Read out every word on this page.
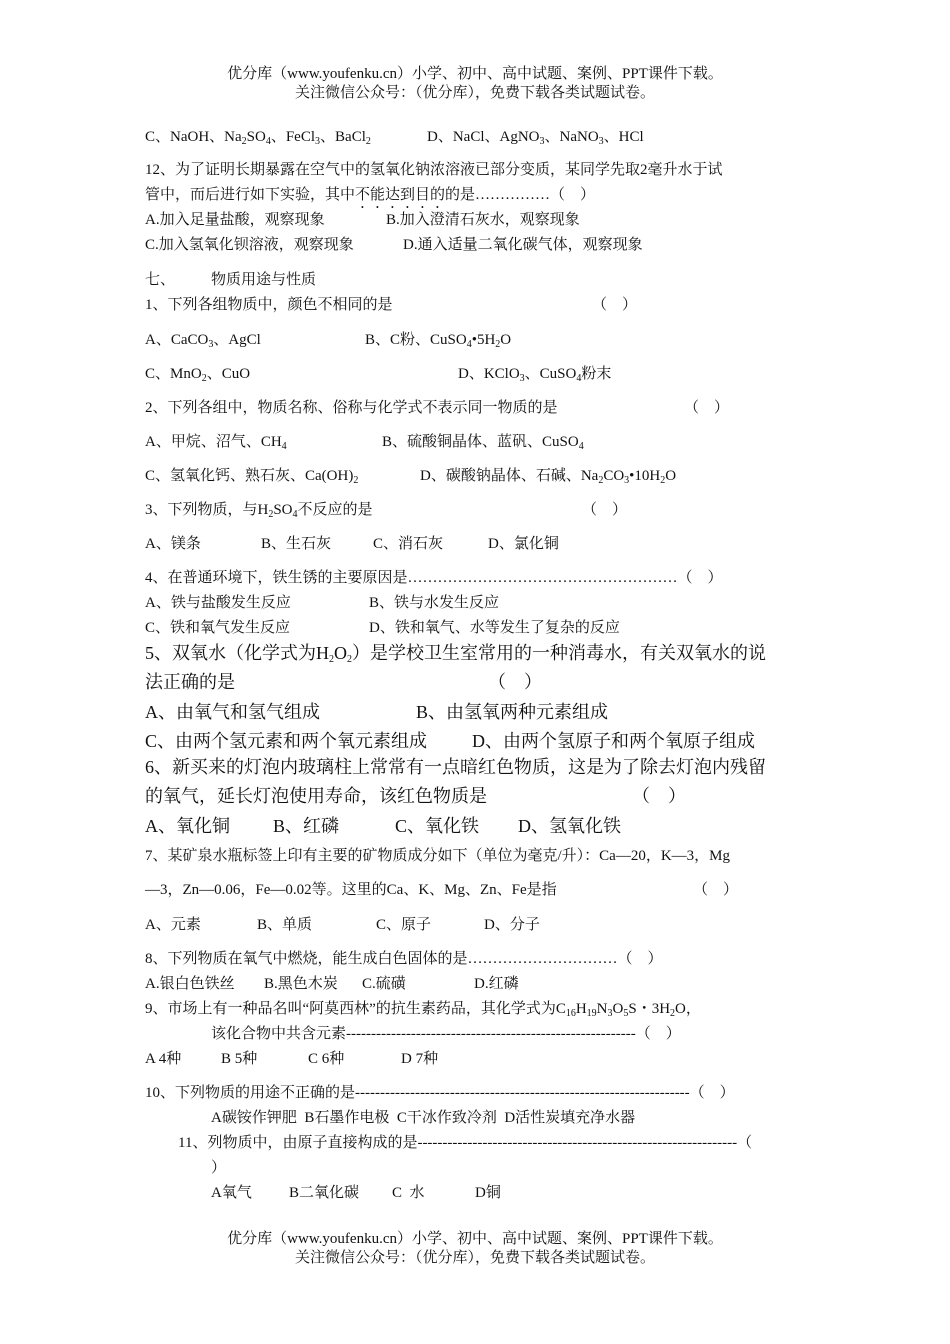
优分库（www.youfenku.cn）小学、初中、高中试题、案例、PPT课件下载。
关注微信公众号：（优分库），免费下载各类试题试卷。
C、NaOH、$Na_2SO_4$、FeCl$_3$、BaCl$_2$	D、NaCl、AgNO$_3$、NaNO$_3$、HCl
12、为了证明长期暴露在空气中的氢氧化钠浓溶液已部分变质，某同学先取2毫升水于试
管中，而后进行如下实验，其中不能达到目的的是……………（    ）
A.加入足量盐酸，观察现象	B.加入澄清石灰水，观察现象
C.加入氢氧化钡溶液，观察现象	D.通入适量二氧化碳气体，观察现象
七、 物质用途与性质
1、下列各组物质中，颜色不相同的是	（    ）
A、CaCO$_3$、AgCl	B、C粉、$CuSO_4•5H_2O$
C、MnO$_2$、CuO	D、KClO$_3$、CuSO$_4$粉末
2、下列各组中，物质名称、俗称与化学式不表示同一物质的是	（    ）
A、甲烷、沼气、$CH_4$	B、硫酸铜晶体、蓝矾、CuSO$_4$
C、氢氧化钙、熟石灰、$Ca(OH)_2$	D、碳酸钠晶体、石碱、$Na_2CO_3•10H_2O$
3、下列物质，与$H_2SO_4$不反应的是	（    ）
A、镁条	B、生石灰	C、消石灰	D、氯化铜
4、在普通环境下，铁生锈的主要原因是………………………………………………（    ）
A、铁与盐酸发生反应	B、铁与水发生反应
C、铁和氧气发生反应	D、铁和氧气、水等发生了复杂的反应
5、双氧水（化学式为$H_2O_2$）是学校卫生室常用的一种消毒水，有关双氧水的说
法正确的是	（    ）
A、由氧气和氢气组成	B、由氢氧两种元素组成
C、由两个氢元素和两个氧元素组成 D、由两个氢原子和两个氧原子组成
6、新买来的灯泡内玻璃柱上常常有一点暗红色物质，这是为了除去灯泡内残留
的氧气，延长灯泡使用寿命，该红色物质是	（    ）
A、氧化铜 B、红磷	C、氧化铁 D、氢氧化铁
7、某矿泉水瓶标签上印有主要的矿物质成分如下（单位为毫克/升）：Ca—20，K—3，Mg
—3，Zn—0.06，Fe—0.02等。这里的Ca、K、Mg、Zn、Fe是指	（    ）
A、元素	B、单质	C、原子	D、分子
8、下列物质在氧气中燃烧，能生成白色固体的是…………………………（    ）
A.银白色铁丝 B.黑色木炭 C.硫磺	D.红磷
9、市场上有一种品名叫“阿莫西林”的抗生素药品，其化学式为$C_{16}H_{19}N_3O_5S$・$3H_2O$，
该化合物中共含元素----------------------------------------------------------（    ）
A 4种	B 5种	C 6种	D 7种
10、下列物质的用途不正确的是-------------------------------------------------------------------（    ）
A碳铵作钾肥  B石墨作电极  C干冰作致冷剂  D活性炭填充净水器
11、列物质中，由原子直接构成的是----------------------------------------------------------------（
）
A氧气 B二氧化碳 C  水	D铜
优分库（www.youfenku.cn）小学、初中、高中试题、案例、PPT课件下载。
关注微信公众号：（优分库），免费下载各类试题试卷。
